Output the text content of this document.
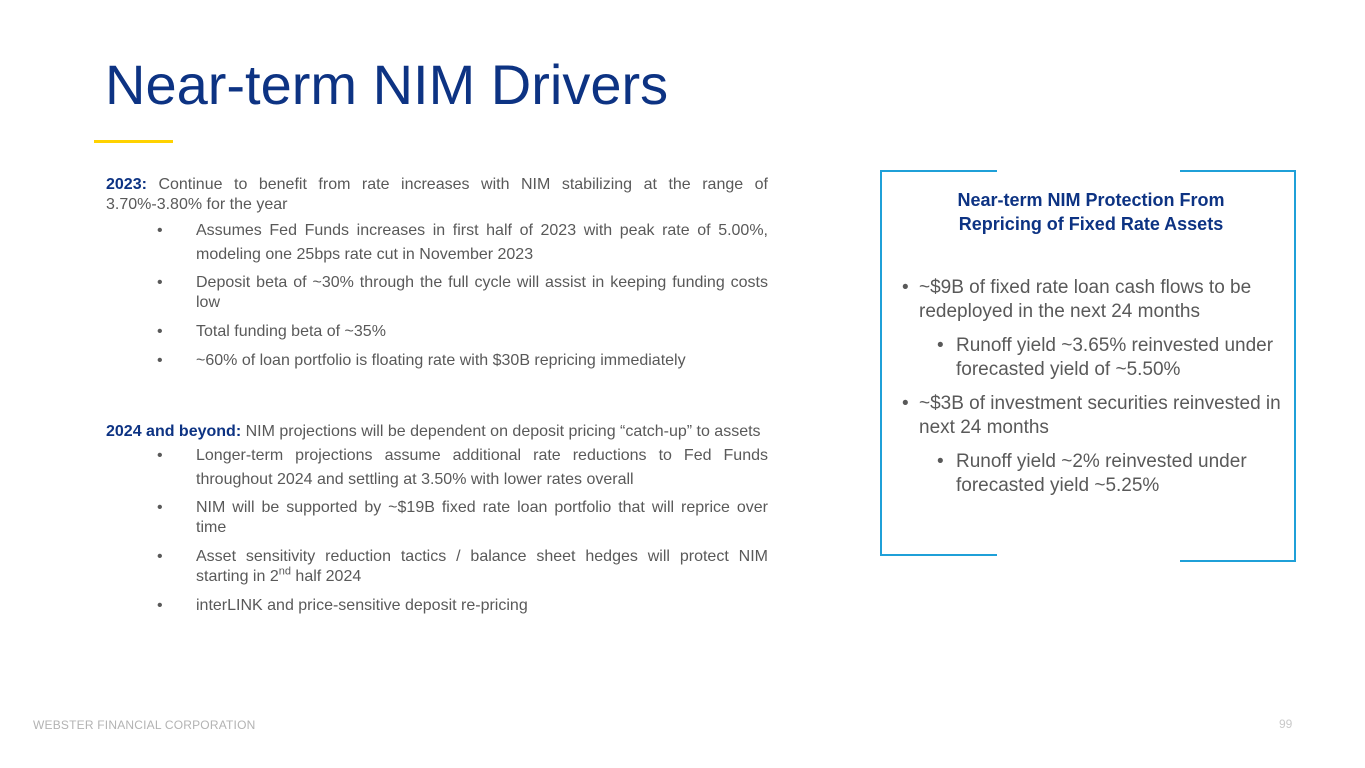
Near-term NIM Drivers
2023: Continue to benefit from rate increases with NIM stabilizing at the range of 3.70%-3.80% for the year
• Assumes Fed Funds increases in first half of 2023 with peak rate of 5.00%, modeling one 25bps rate cut in November 2023
• Deposit beta of ~30% through the full cycle will assist in keeping funding costs low
• Total funding beta of ~35%
• ~60% of loan portfolio is floating rate with $30B repricing immediately
2024 and beyond: NIM projections will be dependent on deposit pricing “catch-up” to assets
• Longer-term projections assume additional rate reductions to Fed Funds throughout 2024 and settling at 3.50% with lower rates overall
• NIM will be supported by ~$19B fixed rate loan portfolio that will reprice over time
• Asset sensitivity reduction tactics / balance sheet hedges will protect NIM starting in 2nd half 2024
• interLINK and price-sensitive deposit re-pricing
Near-term NIM Protection From
Repricing of Fixed Rate Assets
• ~$9B of fixed rate loan cash flows to be redeployed in the next 24 months
• Runoff yield ~3.65% reinvested under forecasted yield of ~5.50%
• ~$3B of investment securities reinvested in next 24 months
• Runoff yield ~2% reinvested under forecasted yield ~5.25%
WEBSTER FINANCIAL CORPORATION	99
